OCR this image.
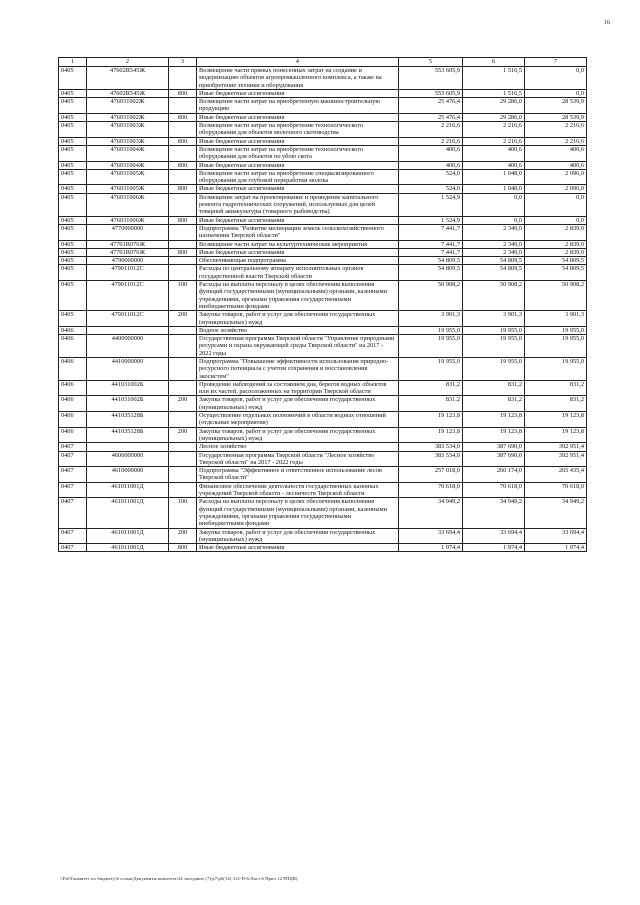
16
1	2	3	4	5	6	7
0405	47602R545Ж		Возмещение части прямых понесенных затрат на создание и модернизацию объектов агропромышленного комплекса, а также на приобретение техники и оборудования	553 605,9	1 516,5	0,0
0405	47602R545Ж	800	Иные бюджетные ассигнования	553 605,9	1 516,5	0,0
0405	476031002Ж		Возмещение части затрат на приобретенную машиностроительную продукцию	25 476,4	29 286,0	28 539,9
0405	476031002Ж	800	Иные бюджетные ассигнования	25 476,4	29 286,0	28 539,9
0405	476031003Ж		Возмещение части затрат на приобретение технологического оборудования для объектов молочного скотоводства	2 216,6	2 216,6	2 216,6
0405	476031003Ж	800	Иные бюджетные ассигнования	2 216,6	2 216,6	2 216,6
0405	476031004Ж		Возмещение части затрат на приобретение технологического оборудования для объектов по убою скота	400,6	400,6	400,6
0405	476031004Ж	800	Иные бюджетные ассигнования	400,6	400,6	400,6
0405	476031005Ж		Возмещение части затрат на приобретение специализированного оборудования для глубокой переработки молока	524,0	1 048,0	2 096,0
0405	476031005Ж	800	Иные бюджетные ассигнования	524,0	1 048,0	2 096,0
0405	476031006Ж		Возмещение затрат на проектирование и проведение капитального ремонта гидротехнических сооружений, используемых для целей товарной аквакультуры (товарного рыбоводства)	1 524,9	0,0	0,0
0405	476031006Ж	800	Иные бюджетные ассигнования	1 524,9	0,0	0,0
0405	4770000000		Подпрограмма "Развитие мелиорации земель сельскохозяйственного назначения Тверской области"	7 441,7	2 349,0	2 839,0
0405	47701R076Ж		Возмещение части затрат на культуртехнические мероприятия	7 441,7	2 349,0	2 839,0
0405	47701R076Ж	800	Иные бюджетные ассигнования	7 441,7	2 349,0	2 839,0
0405	4790000000		Обеспечивающая подпрограмма	54 809,5	54 809,5	54 809,5
0405	479011012С		Расходы по центральному аппарату исполнительных органов государственной власти Тверской области	54 809,5	54 809,5	54 809,5
0405	479011012С	100	Расходы на выплаты персоналу в целях обеспечения выполнения функций государственными (муниципальными) органами, казенными учреждениями, органами управления государственными внебюджетными фондами	50 908,2	50 908,2	50 908,2
0405	479011012С	200	Закупка товаров, работ и услуг для обеспечения государственных (муниципальных) нужд	3 901,3	3 901,3	3 901,3
0406			Водное хозяйство	19 955,0	19 955,0	19 955,0
0406	4400000000		Государственная программа Тверской области "Управление природными ресурсами и охрана окружающей среды Тверской области" на 2017 - 2022 годы	19 955,0	19 955,0	19 955,0
0406	4410000000		Подпрограмма "Повышение эффективности использования природно-ресурсного потенциала с учетом сохранения и восстановления экосистем"	19 955,0	19 955,0	19 955,0
0406	441031002Б		Проведение наблюдений за состоянием дна, берегов водных объектов или их частей, расположенных на территории Тверской области	831,2	831,2	831,2
0406	441031002Б	200	Закупка товаров, работ и услуг для обеспечения государственных (муниципальных) нужд	831,2	831,2	831,2
0406	441035128Б		Осуществление отдельных полномочий в области водных отношений (отдельные мероприятия)	19 123,8	19 123,8	19 123,8
0406	441035128Б	200	Закупка товаров, работ и услуг для обеспечения государственных (муниципальных) нужд	19 123,8	19 123,8	19 123,8
0407			Лесное хозяйство	383 534,0	387 690,0	392 951,4
0407	4600000000		Государственная программа Тверской области "Лесное хозяйство Тверской области" на 2017 - 2022 годы	383 534,0	387 690,0	392 951,4
0407	4610000000		Подпрограмма "Эффективное и ответственное использование лесов Тверской области"	257 018,0	260 174,0	265 435,4
0407	461011001Д		Финансовое обеспечение деятельности государственных казенных учреждений Тверской области - лесничеств Тверской области	70 618,0	70 618,0	70 618,0
0407	461011001Д	100	Расходы на выплаты персоналу в целях обеспечения выполнения функций государственными (муниципальными) органами, казенными учреждениями, органами управления государственными внебюджетными фондами	34 949,2	34 949,2	34 949,2
0407	461011001Д	200	Закупка товаров, работ и услуг для обеспечения государственных (муниципальных) нужд	33 694,4	33 694,4	33 694,4
0407	461011001Д	800	Иные бюджетные ассигнования	1 974,4	1 974,4	1 974,4
\\Fs03\комитет по бюджету\6 созыв\Документы комитета\34 заседание (7)\р7\р0(14) 312-П-6\Лист 6 Прил 12 РПЦВ)
